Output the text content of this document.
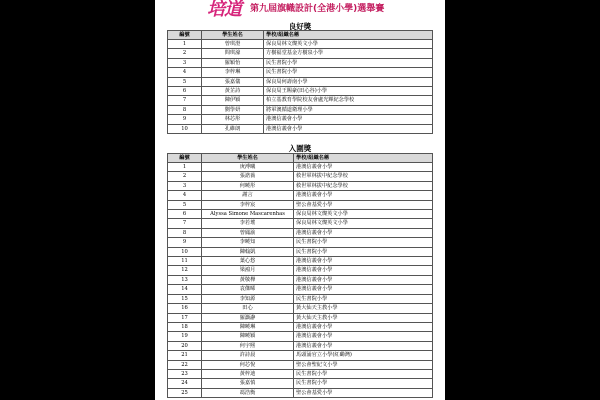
培道 第九屆旗幟設計(全港小學)選舉賽
良好獎
編號	學生姓名	學校/組織名稱
1	曾琪澄	保良局林文燦英文小學
2	問琪濠	方樹福堂基金方樹泉小學
3	羅穎怡	民生書院小學
4	李梓琳	民生書院小學
5	張嘉儀	保良局何壽南小學
6	黃芷詩	保良局王賜豪(田心谷)小學
7	陳伊穎	柏立基教育學院校友會盧光輝紀念學校
8	劉學妍	將軍澳循道衛理小學
9	林芯彤	港澳信義會小學
10	孔維朗	港澳信義會小學
入圍獎
編號	學生姓名	學校/組織名稱
1	庚溥曦	港澳信義會小學
2	張諾蕎	救世軍林拔中紀念學校
3	何曉彤	救世軍林拔中紀念學校
4	謝言	港澳信義會小學
5	李梓宸	聖公會基愛小學
6	Alyssa Simone Mascarenhas	保良局林文燦英文小學
7	李若瑤	保良局林文燦英文小學
8	曾鳳渝	港澳信義會小學
9	李曉知	民生書院小學
10	陳翰凱	民生書院小學
11	葉心悠	港澳信義會小學
12	梁鴻月	港澳信義會小學
13	黃敬樺	港澳信義會小學
14	袁傑晞	港澳信義會小學
15	李知源	民生書院小學
16	田心	黃大仙天主教小學
17	羅灝瀞	黃大仙天主教小學
18	陳曉琳	港澳信義會小學
19	陳曉穎	港澳信義會小學
20	何宇熙	港澳信義會小學
21	許詩晨	馬頭涌官立小學(紅磡灣)
22	何芯悅	聖公會聖紀文小學
23	黃梓迪	民生書院小學
24	張嘉慎	民生書院小學
25	馮浩衡	聖公會基愛小學
